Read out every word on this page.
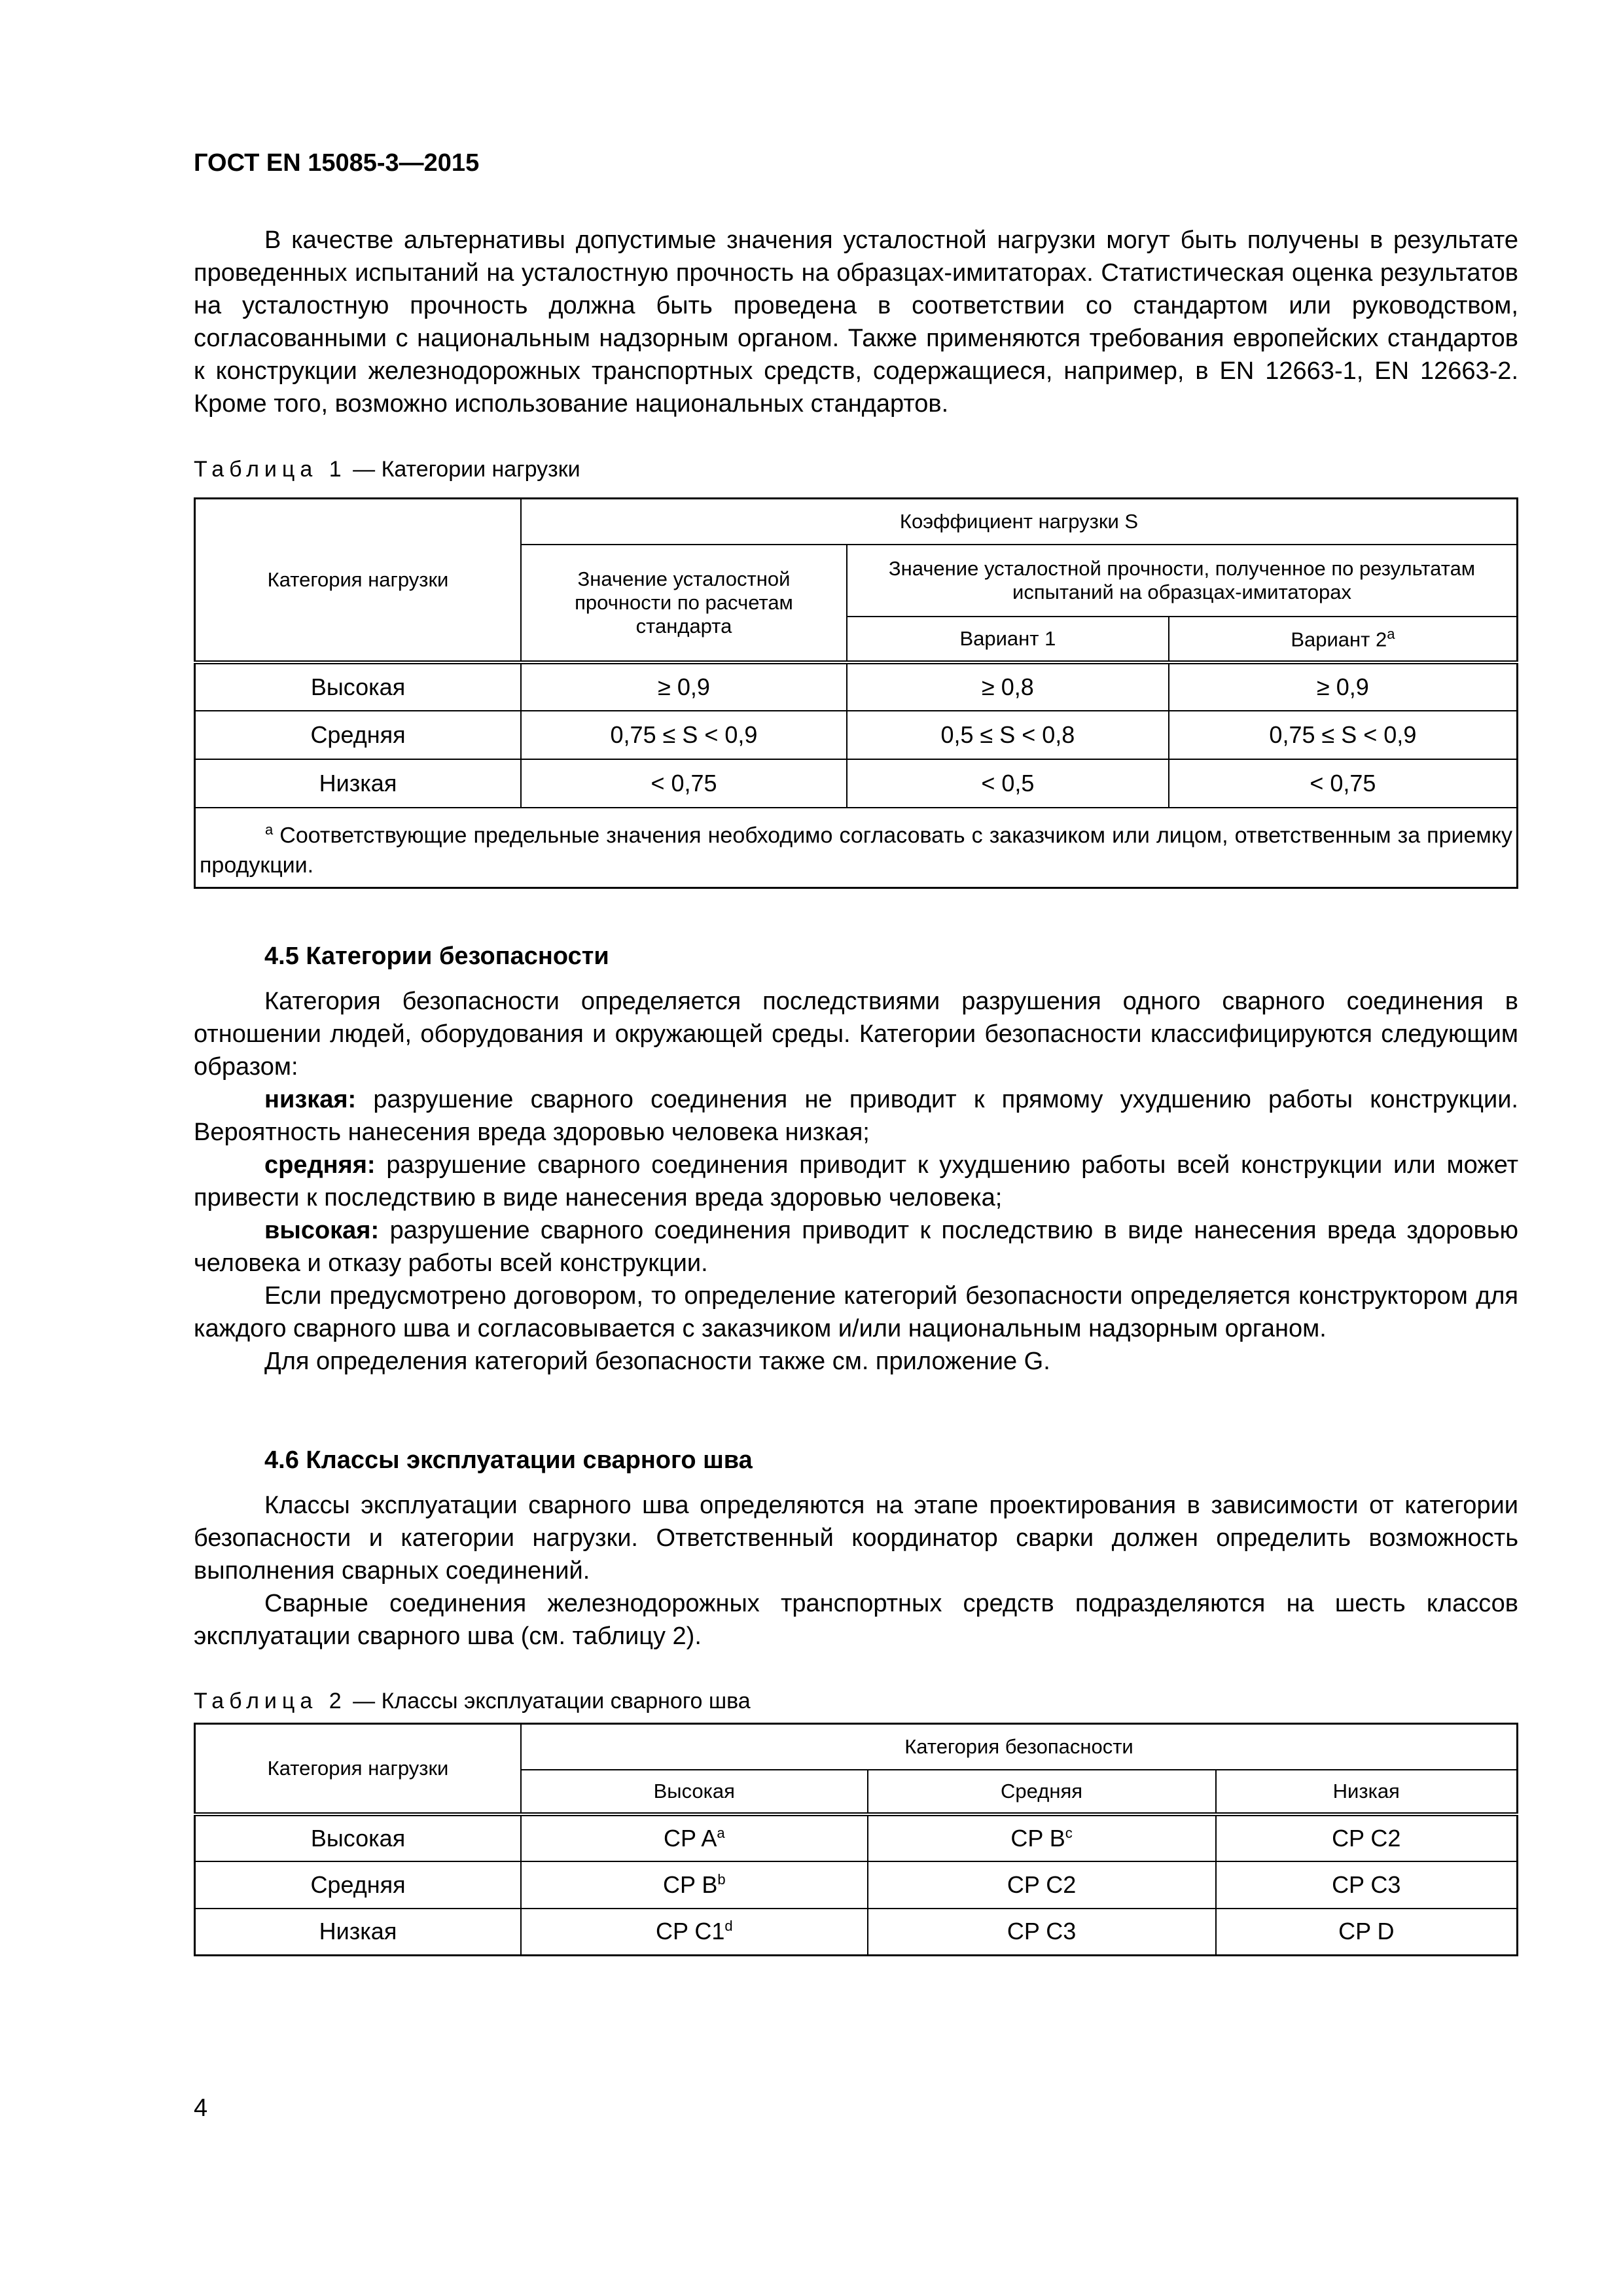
ГОСТ EN 15085-3—2015

В качестве альтернативы допустимые значения усталостной нагрузки могут быть получены в результате проведенных испытаний на усталостную прочность на образцах-имитаторах. Статистическая оценка результатов на усталостную прочность должна быть проведена в соответствии со стандартом или руководством, согласованными с национальным надзорным органом. Также применяются требования европейских стандартов к конструкции железнодорожных транспортных средств, содержащиеся, например, в EN 12663-1, EN 12663-2. Кроме того, возможно использование национальных стандартов.

Таблица 1 — Категории нагрузки
Категория нагрузки	Коэффициент нагрузки S		
	Значение усталостной прочности по расчетам стандарта	Значение усталостной прочности, полученное по результатам испытаний на образцах-имитаторах	
		Вариант 1	Вариант 2$^a$
Высокая	≥ 0,9	≥ 0,8	≥ 0,9
Средняя	0,75 ≤ S < 0,9	0,5 ≤ S < 0,8	0,75 ≤ S < 0,9
Низкая	< 0,75	< 0,5	< 0,75
$^a$ Соответствующие предельные значения необходимо согласовать с заказчиком или лицом, ответственным за приемку продукции.			
4.5 Категории безопасности

Категория безопасности определяется последствиями разрушения одного сварного соединения в отношении людей, оборудования и окружающей среды. Категории безопасности классифицируются следующим образом:

низкая: разрушение сварного соединения не приводит к прямому ухудшению работы конструкции. Вероятность нанесения вреда здоровью человека низкая;

средняя: разрушение сварного соединения приводит к ухудшению работы всей конструкции или может привести к последствию в виде нанесения вреда здоровью человека;

высокая: разрушение сварного соединения приводит к последствию в виде нанесения вреда здоровью человека и отказу работы всей конструкции.

Если предусмотрено договором, то определение категорий безопасности определяется конструктором для каждого сварного шва и согласовывается с заказчиком и/или национальным надзорным органом.

Для определения категорий безопасности также см. приложение G.

4.6 Классы эксплуатации сварного шва

Классы эксплуатации сварного шва определяются на этапе проектирования в зависимости от категории безопасности и категории нагрузки. Ответственный координатор сварки должен определить возможность выполнения сварных соединений.

Сварные соединения железнодорожных транспортных средств подразделяются на шесть классов эксплуатации сварного шва (см. таблицу 2).

Таблица 2 — Классы эксплуатации сварного шва
Категория нагрузки	Категория безопасности		
	Высокая	Средняя	Низкая
Высокая	CP $A^a$	CP $B^c$	CP C2
Средняя	CP $B^b$	CP C2	CP C3
Низкая	CP C1$^d$	CP C3	CP D
4
